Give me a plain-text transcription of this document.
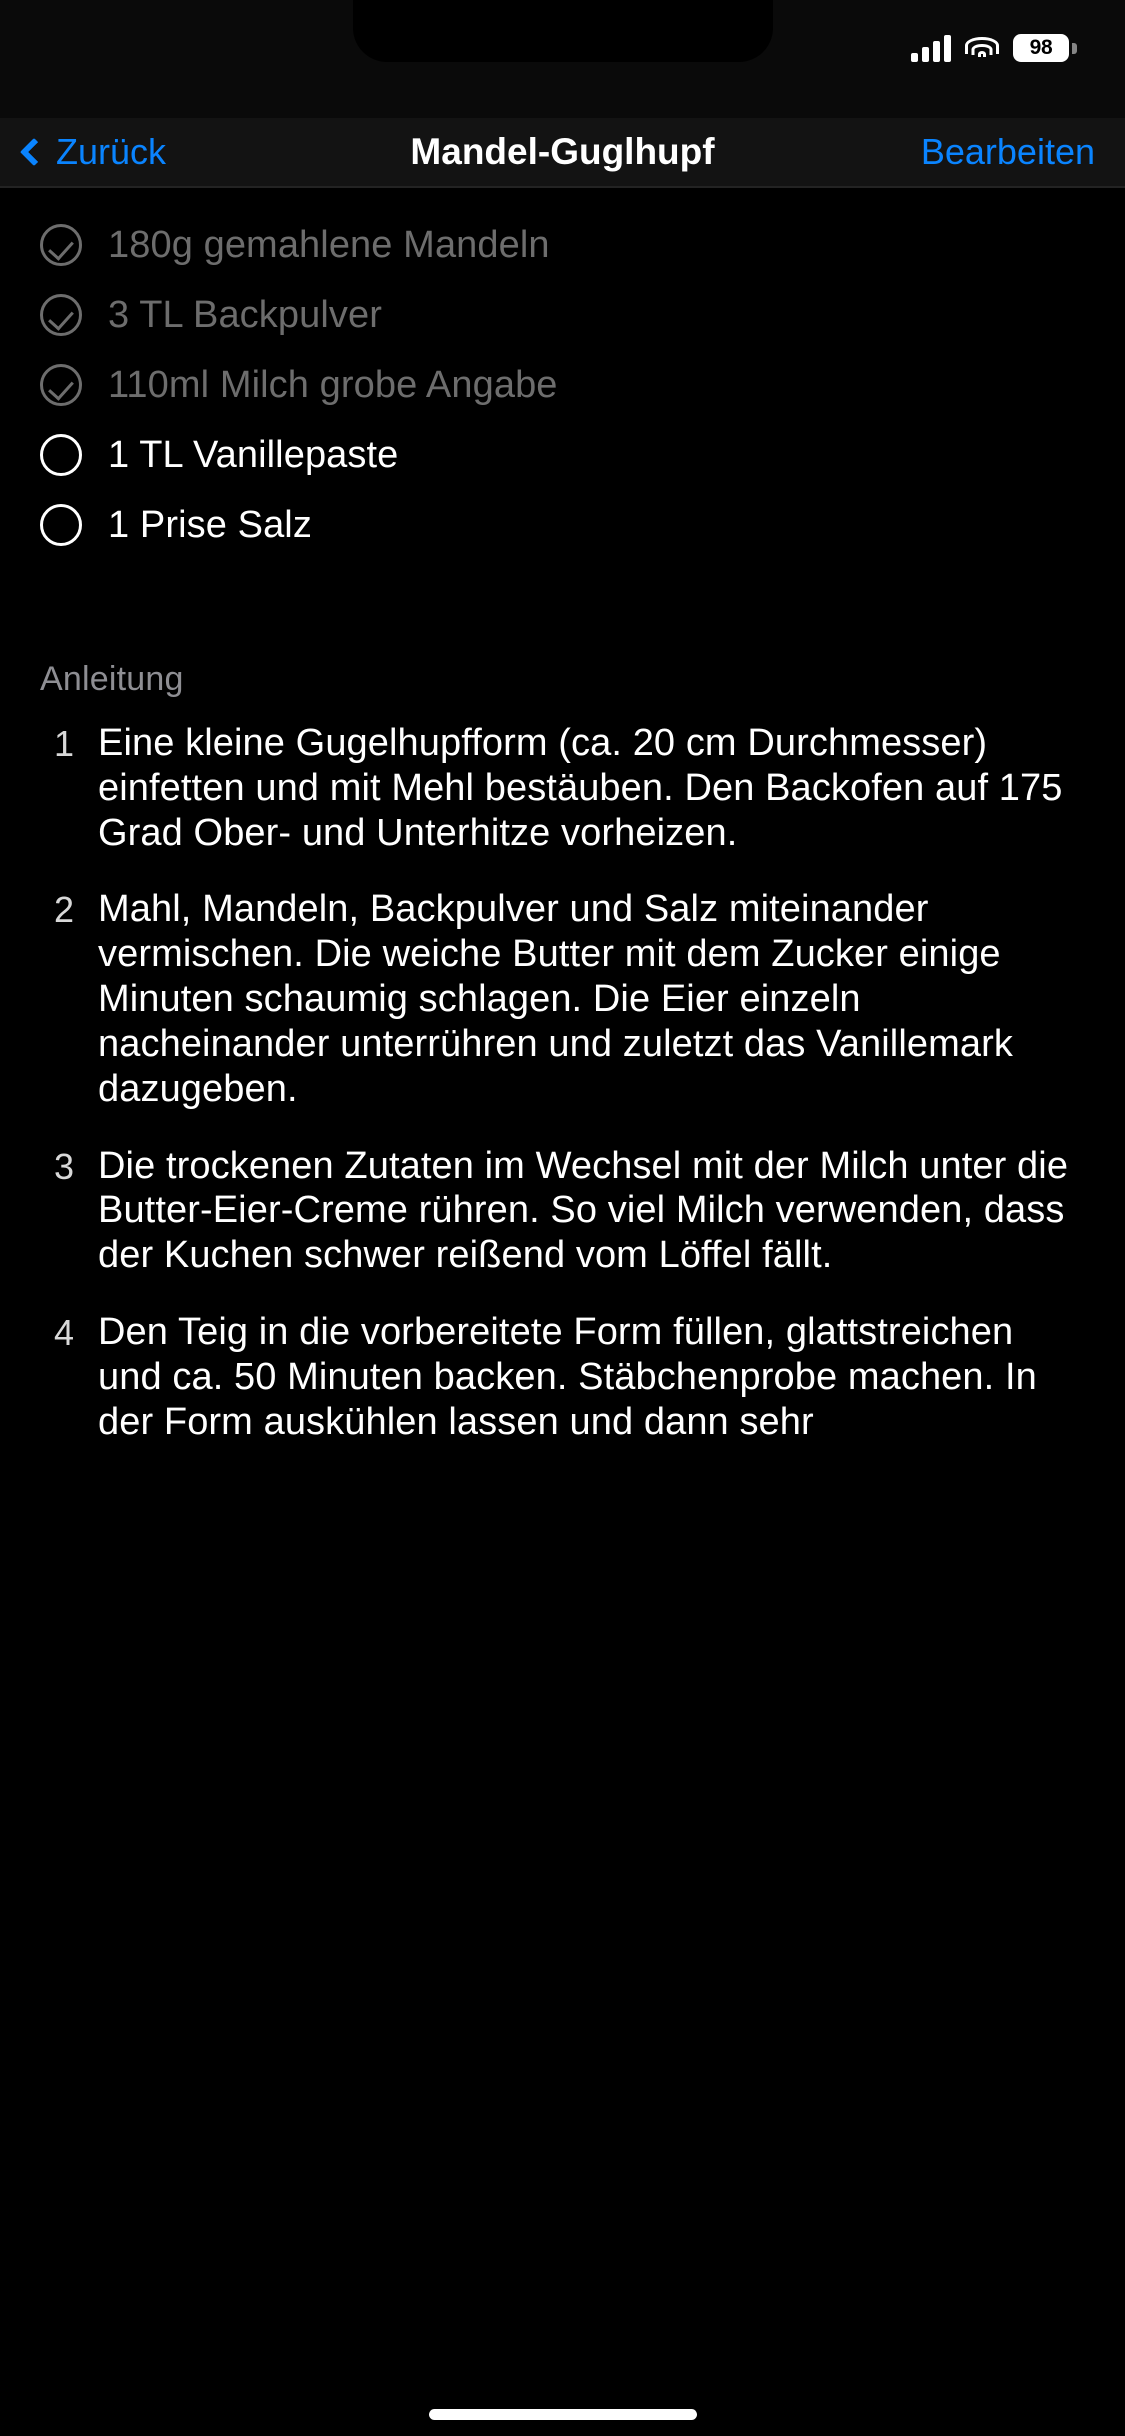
98
Zurück	Mandel-Guglhupf	Bearbeiten
180g gemahlene Mandeln
3 TL Backpulver
110ml Milch grobe Angabe
1 TL Vanillepaste
1 Prise Salz
Anleitung
1 Eine kleine Gugelhupfform (ca. 20 cm Durchmesser) einfetten und mit Mehl bestäuben. Den Backofen auf 175 Grad Ober- und Unterhitze vorheizen.
2 Mahl, Mandeln, Backpulver und Salz miteinander vermischen. Die weiche Butter mit dem Zucker einige Minuten schaumig schlagen. Die Eier einzeln nacheinander unterrühren und zuletzt das Vanillemark dazugeben.
3 Die trockenen Zutaten im Wechsel mit der Milch unter die Butter-Eier-Creme rühren. So viel Milch verwenden, dass der Kuchen schwer reißend vom Löffel fällt.
4 Den Teig in die vorbereitete Form füllen, glattstreichen und ca. 50 Minuten backen. Stäbchenprobe machen. In der Form auskühlen lassen und dann sehr
